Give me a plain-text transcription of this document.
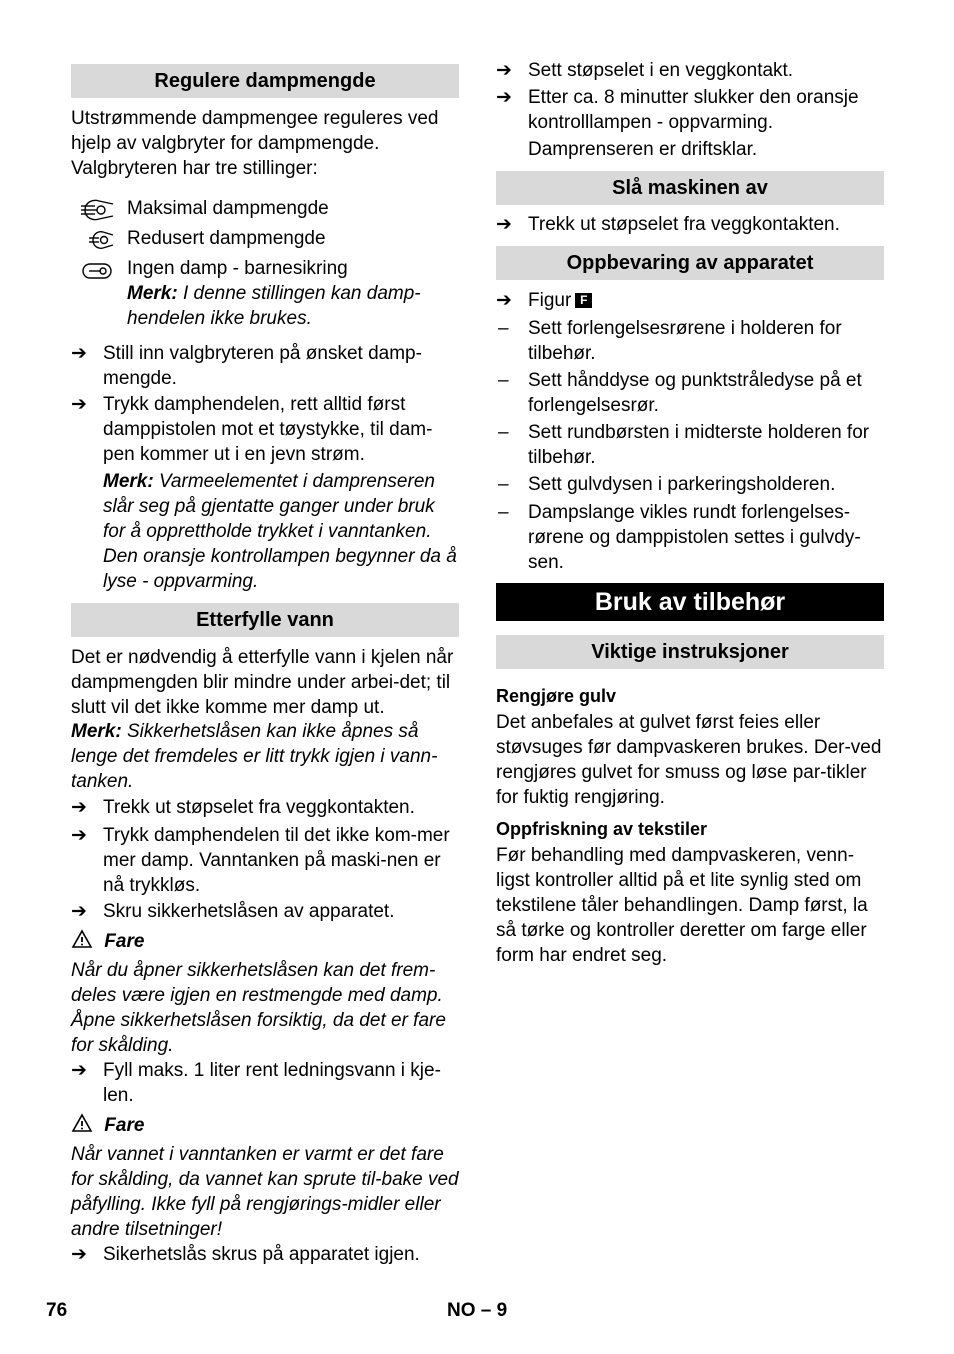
Regulere dampmengde
Utstrømmende dampmengee reguleres ved hjelp av valgbryter for dampmengde. Valgbryteren har tre stillinger:
Maksimal dampmengde
Redusert dampmengde
Ingen damp - barnesikring
Merk: I denne stillingen kan damp-hendelen ikke brukes.
➔ Still inn valgbryteren på ønsket damp-mengde.
➔ Trykk damphendelen, rett alltid først damppistolen mot et tøystykke, til dam-pen kommer ut i en jevn strøm.
Merk: Varmeelementet i damprenseren slår seg på gjentatte ganger under bruk for å opprettholde trykket i vanntanken. Den oransje kontrollampen begynner da å lyse - oppvarming.
Etterfylle vann
Det er nødvendig å etterfylle vann i kjelen når dampmengden blir mindre under arbei-det; til slutt vil det ikke komme mer damp ut.
Merk: Sikkerhetslåsen kan ikke åpnes så lenge det fremdeles er litt trykk igjen i vann-tanken.
➔ Trekk ut støpselet fra veggkontakten.
➔ Trykk damphendelen til det ikke kom-mer mer damp. Vanntanken på maski-nen er nå trykkløs.
➔ Skru sikkerhetslåsen av apparatet.
Fare
Når du åpner sikkerhetslåsen kan det frem-deles være igjen en restmengde med damp. Åpne sikkerhetslåsen forsiktig, da det er fare for skålding.
➔ Fyll maks. 1 liter rent ledningsvann i kje-len.
Fare
Når vannet i vanntanken er varmt er det fare for skålding, da vannet kan sprute til-bake ved påfylling. Ikke fyll på rengjørings-midler eller andre tilsetninger!
➔ Sikerhetslås skrus på apparatet igjen.
➔ Sett støpselet i en veggkontakt.
➔ Etter ca. 8 minutter slukker den oransje kontrolllampen - oppvarming.
Damprenseren er driftsklar.
Slå maskinen av
➔ Trekk ut støpselet fra veggkontakten.
Oppbevaring av apparatet
➔ Figur F
– Sett forlengelsesrørene i holderen for tilbehør.
– Sett hånddyse og punktstråledyse på et forlengelsesrør.
– Sett rundbørsten i midterste holderen for tilbehør.
– Sett gulvdysen i parkeringsholderen.
– Dampslange vikles rundt forlengelses-rørene og damppistolen settes i gulvdy-sen.
Bruk av tilbehør
Viktige instruksjoner
Rengjøre gulv
Det anbefales at gulvet først feies eller støvsuges før dampvaskeren brukes. Der-ved rengjøres gulvet for smuss og løse par-tikler for fuktig rengjøring.
Oppfriskning av tekstiler
Før behandling med dampvaskeren, venn-ligst kontroller alltid på et lite synlig sted om tekstilene tåler behandlingen. Damp først, la så tørke og kontroller deretter om farge eller form har endret seg.
76	NO – 9
